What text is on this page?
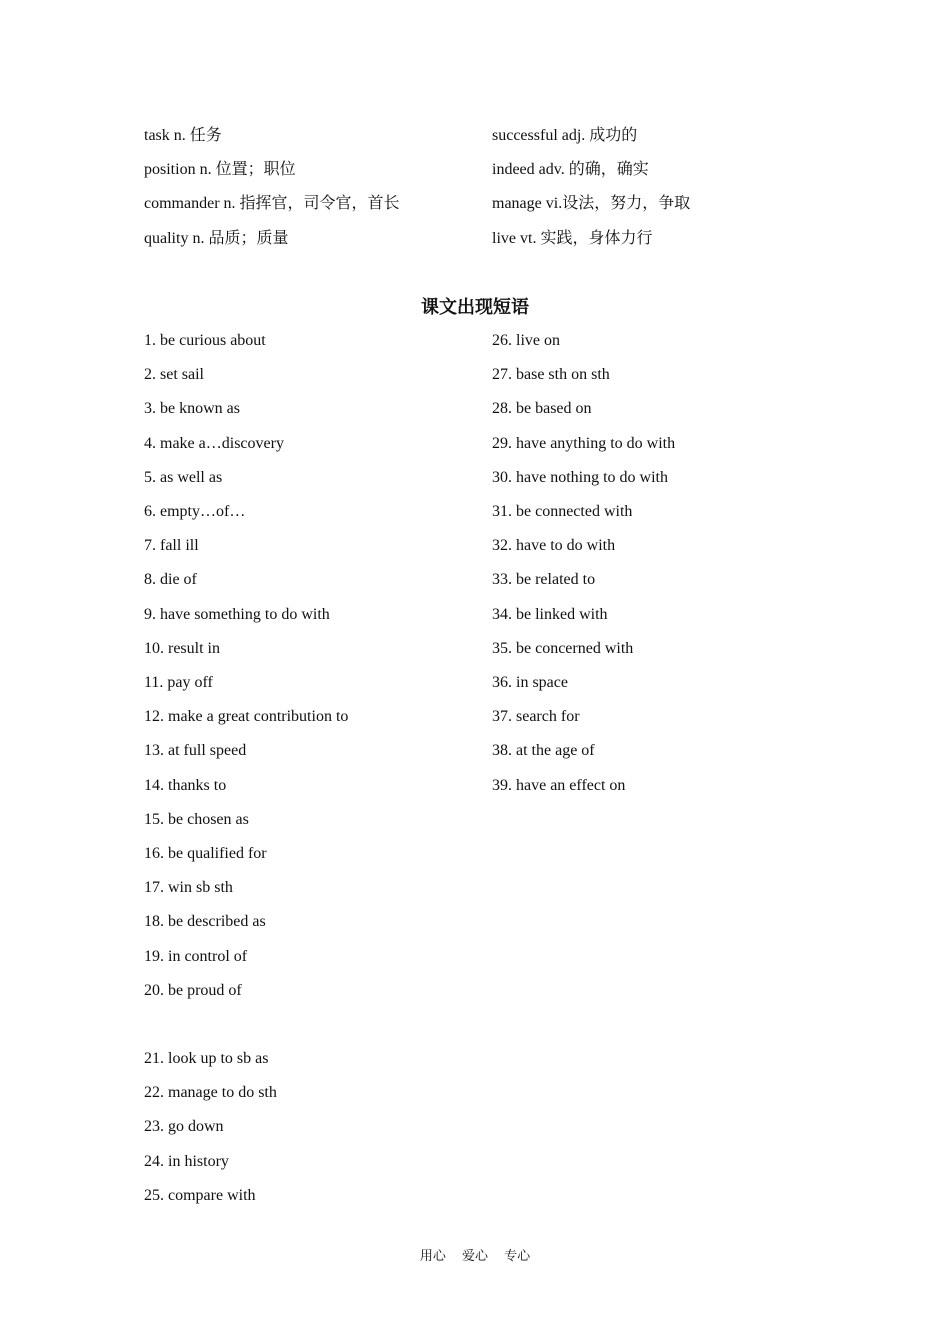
task n. 任务
position n. 位置；职位
commander n. 指挥官，司令官，首长
quality n. 品质；质量
successful adj. 成功的
indeed adv. 的确，确实
manage vi.设法，努力，争取
live vt. 实践，身体力行
课文出现短语
1. be curious about
2. set sail
3. be known as
4. make a…discovery
5. as well as
6. empty…of…
7. fall ill
8. die of
9. have something to do with
10. result in
11. pay off
12. make a great contribution to
13. at full speed
14. thanks to
15. be chosen as
16. be qualified for
17. win sb sth
18. be described as
19. in control of
20. be proud of
21. look up to sb as
22. manage to do sth
23. go down
24. in history
25. compare with
26. live on
27. base sth on sth
28. be based on
29. have anything to do with
30. have nothing to do with
31. be connected with
32. have to do with
33. be related to
34. be linked with
35. be concerned with
36. in space
37. search for
38. at the age of
39. have an effect on
用心 爱心 专心
